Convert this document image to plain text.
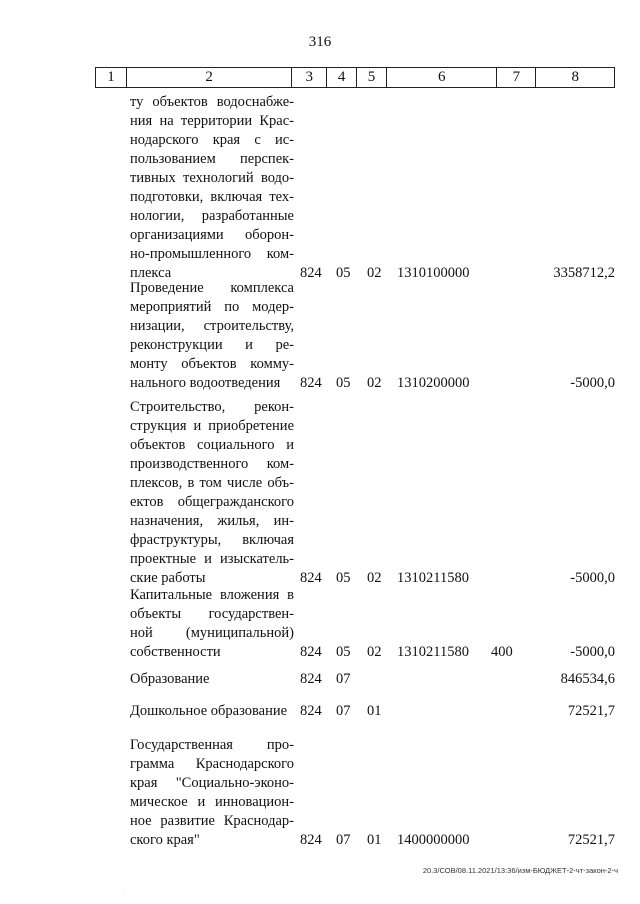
316
1	2	3	4	5	6	7	8
ту объектов водоснабже-
ния на территории Крас-
нодарского края с ис-
пользованием перспек-
тивных технологий водо-
подготовки, включая тех-
нологии, разработанные
организациями оборон-
но-промышленного ком-
плекса	824 05 02 1310100000	3358712,2
Проведение комплекса
мероприятий по модер-
низации, строительству,
реконструкции и ре-
монту объектов комму-
нального водоотведения	824 05 02 1310200000	-5000,0
Строительство, рекон-
струкция и приобретение
объектов социального и
производственного ком-
плексов, в том числе объ-
ектов общегражданского
назначения, жилья, ин-
фраструктуры, включая
проектные и изыскатель-
ские работы	824 05 02 1310211580	-5000,0
Капитальные вложения в
объекты государствен-
ной (муниципальной)
собственности	824 05 02 1310211580 400	-5000,0
Образование	824 07	846534,6
Дошкольное образование 824 07 01	72521,7
Государственная про-
грамма Краснодарского
края "Социально-эконо-
мическое и инновацион-
ное развитие Краснодар-
ского края"	824 07 01 1400000000	72521,7
20.3/СОВ/08.11.2021/13:36/изм-БЮДЖЕТ-2-чт-закон-2-ч
·
